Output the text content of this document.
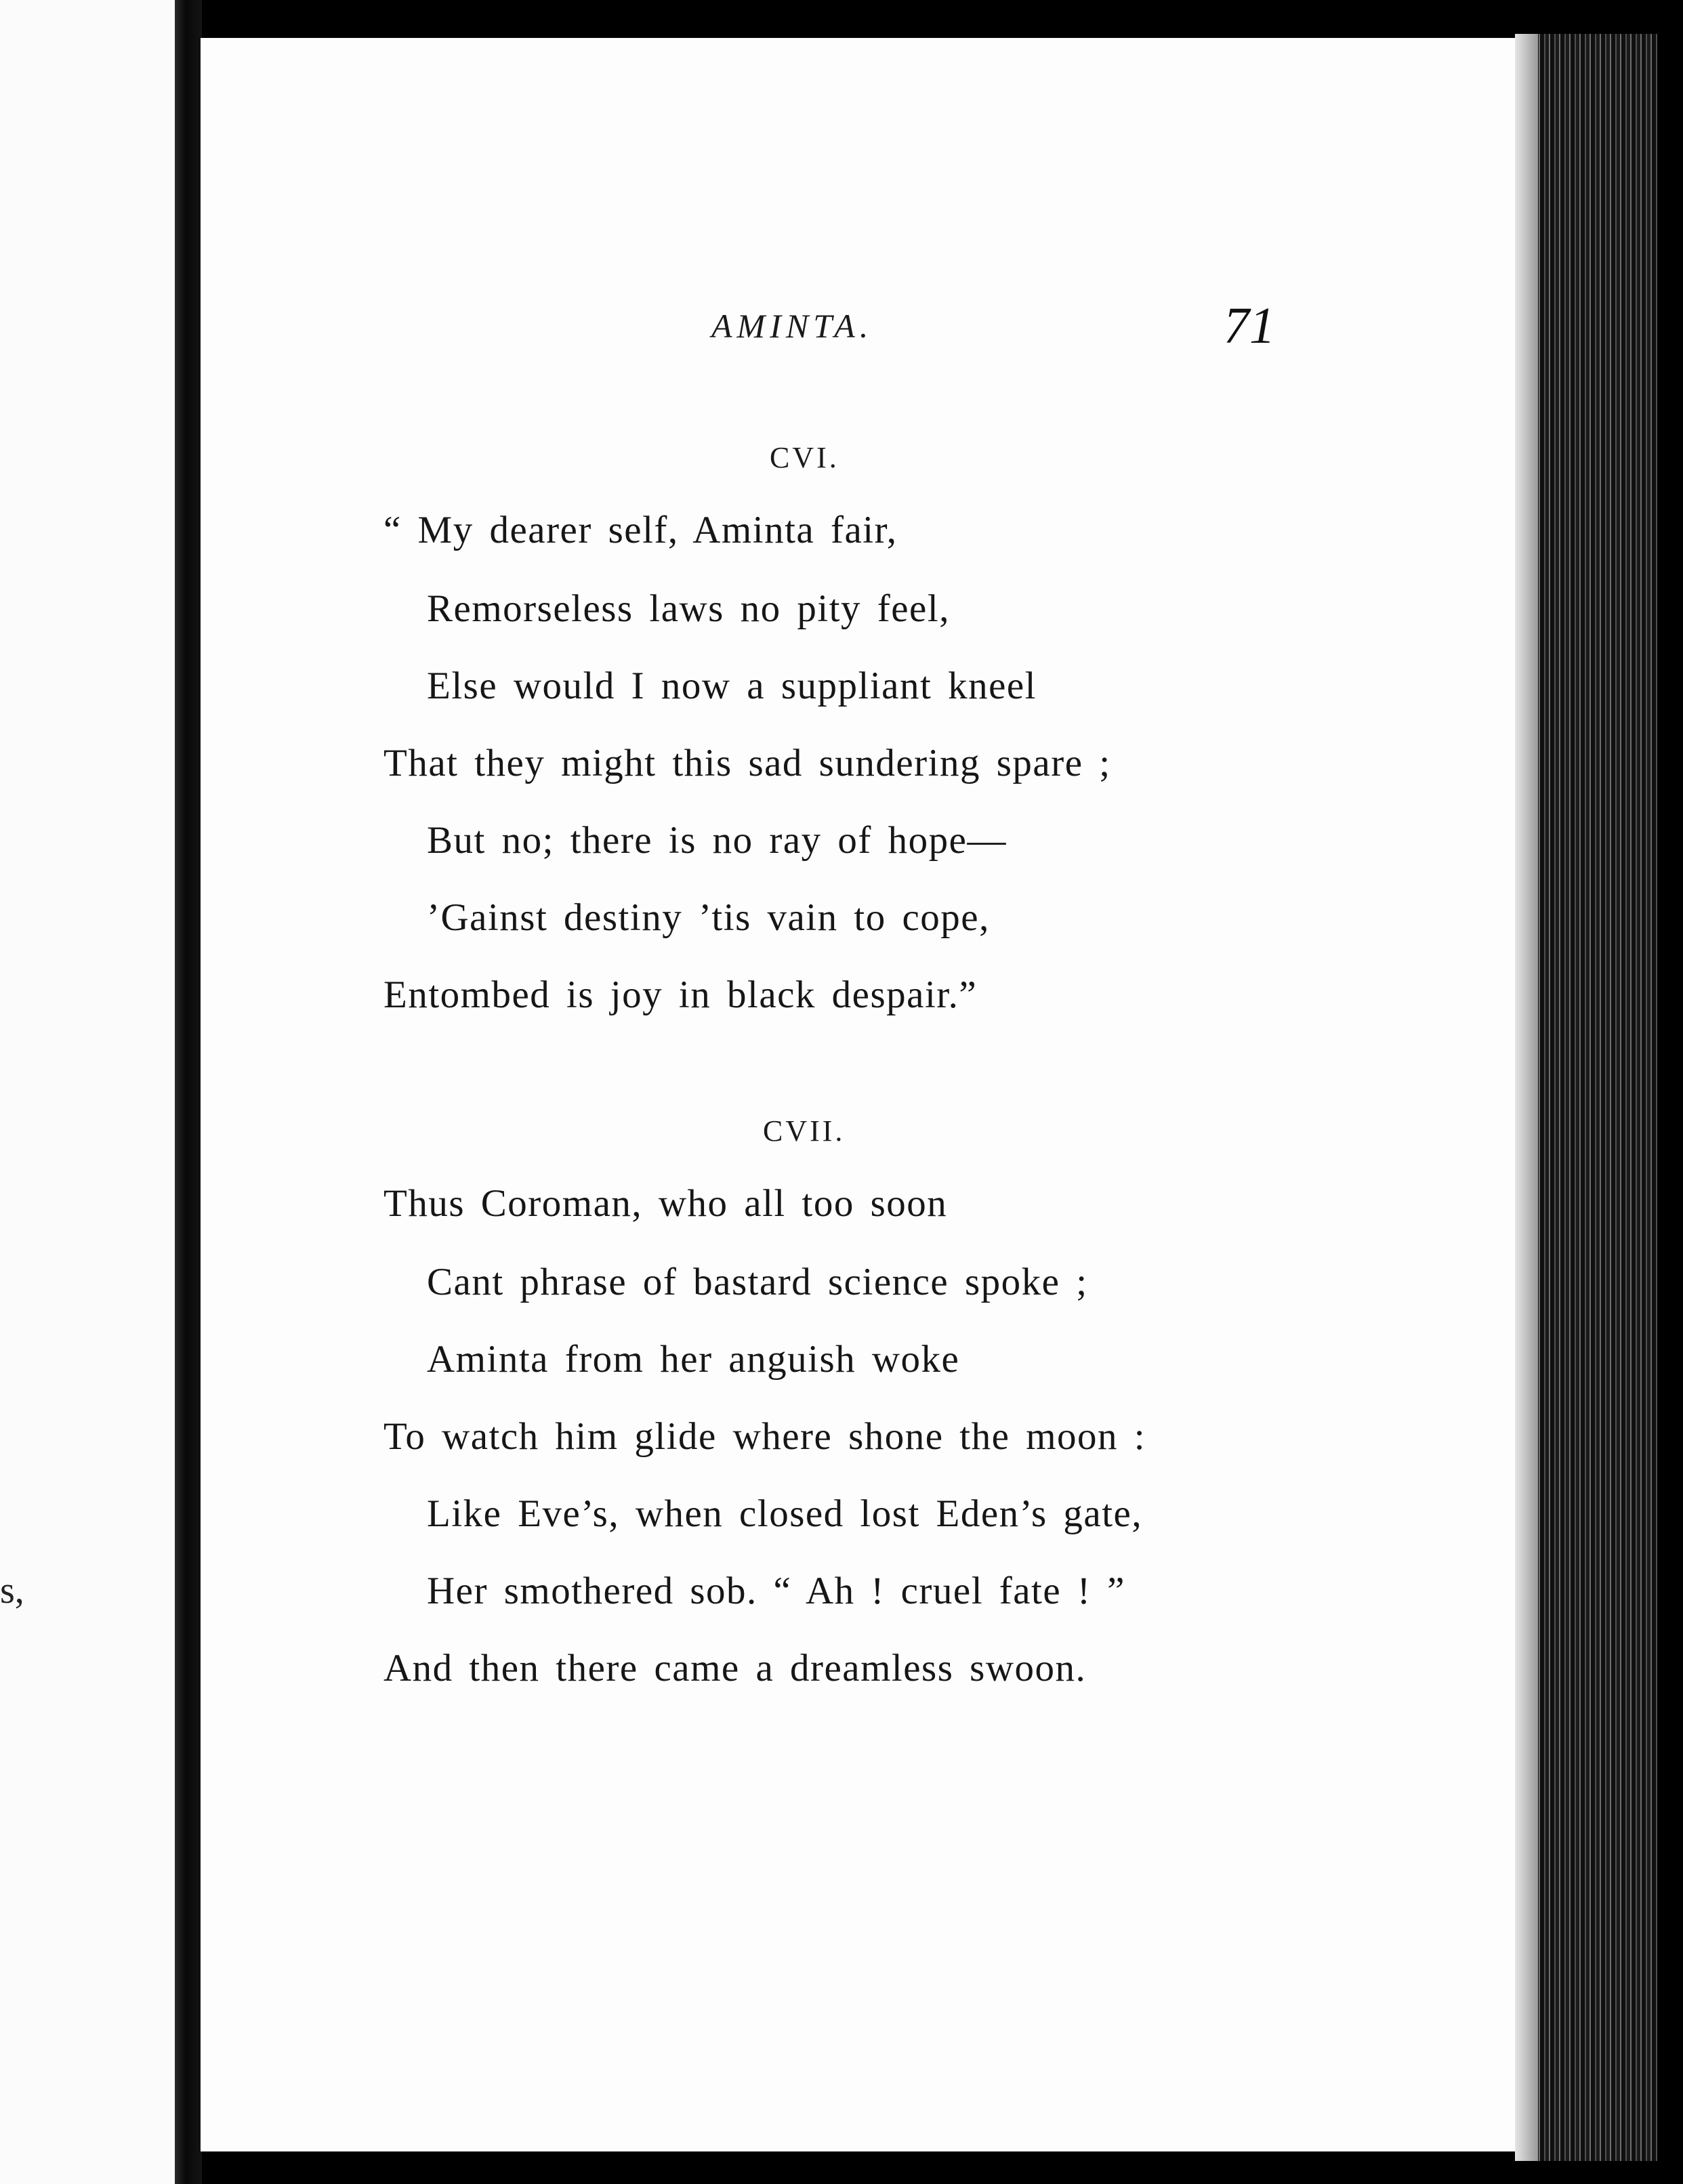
s,

AMINTA.	71

CVI.

“ My dearer self, Aminta fair,

Remorseless laws no pity feel,

Else would I now a suppliant kneel

That they might this sad sundering spare ;

But no; there is no ray of hope—

’Gainst destiny ’tis vain to cope,

Entombed is joy in black despair.”

CVII.

Thus Coroman, who all too soon

Cant phrase of bastard science spoke ;

Aminta from her anguish woke

To watch him glide where shone the moon :

Like Eve’s, when closed lost Eden’s gate,

Her smothered sob. “ Ah ! cruel fate ! ”

And then there came a dreamless swoon.
